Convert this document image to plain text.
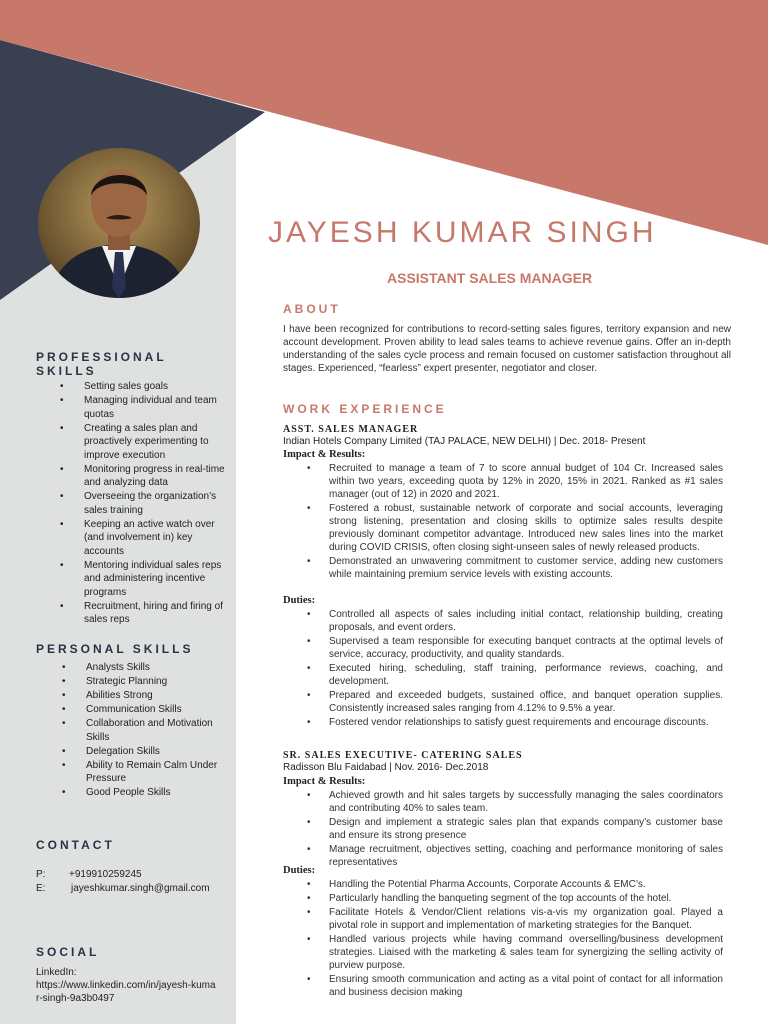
JAYESH KUMAR SINGH
ASSISTANT SALES MANAGER
ABOUT
I have been recognized for contributions to record-setting sales figures, territory expansion and new account development. Proven ability to lead sales teams to achieve revenue gains. Offer an in-depth understanding of the sales cycle process and remain focused on customer satisfaction throughout all stages. Experienced, “fearless” expert presenter, negotiator and closer.
WORK EXPERIENCE
ASST. SALES MANAGER
Indian Hotels Company Limited (TAJ PALACE, NEW DELHI) | Dec. 2018- Present
Impact & Results:
• Recruited to manage a team of 7 to score annual budget of 104 Cr. Increased sales within two years, exceeding quota by 12% in 2020, 15% in 2021. Ranked as #1 sales manager (out of 12) in 2020 and 2021.
• Fostered a robust, sustainable network of corporate and social accounts, leveraging strong listening, presentation and closing skills to optimize sales results despite previously dominant competitor advantage. Introduced new sales lines into the market during COVID CRISIS, often closing sight-unseen sales of newly released products.
• Demonstrated an unwavering commitment to customer service, adding new customers while maintaining premium service levels with existing accounts.
Duties:
• Controlled all aspects of sales including initial contact, relationship building, creating proposals, and event orders.
• Supervised a team responsible for executing banquet contracts at the optimal levels of service, accuracy, productivity, and quality standards.
• Executed hiring, scheduling, staff training, performance reviews, coaching, and development.
• Prepared and exceeded budgets, sustained office, and banquet operation supplies. Consistently increased sales ranging from 4.12% to 9.5% a year.
• Fostered vendor relationships to satisfy guest requirements and encourage discounts.
SR. SALES EXECUTIVE- CATERING SALES
Radisson Blu Faidabad | Nov. 2016- Dec.2018
Impact & Results:
• Achieved growth and hit sales targets by successfully managing the sales coordinators and contributing 40% to sales team.
• Design and implement a strategic sales plan that expands company’s customer base and ensure its strong presence
• Manage recruitment, objectives setting, coaching and performance monitoring of sales representatives
Duties:
• Handling the Potential Pharma Accounts, Corporate Accounts & EMC’s.
• Particularly handling the banqueting segment of the top accounts of the hotel.
• Facilitate Hotels & Vendor/Client relations vis-a-vis my organization goal. Played a pivotal role in support and implementation of marketing strategies for the Banquet.
• Handled various projects while having command overselling/business development strategies. Liaised with the marketing & sales team for synergizing the selling activity of purview purpose.
• Ensuring smooth communication and acting as a vital point of contact for all information and business decision making
PROFESSIONAL SKILLS
• Setting sales goals
• Managing individual and team quotas
• Creating a sales plan and proactively experimenting to improve execution
• Monitoring progress in real-time and analyzing data
• Overseeing the organization’s sales training
• Keeping an active watch over (and involvement in) key accounts
• Mentoring individual sales reps and administering incentive programs
• Recruitment, hiring and firing of sales reps
PERSONAL SKILLS
• Analysts Skills
• Strategic Planning
• Abilities Strong
• Communication Skills
• Collaboration and Motivation Skills
• Delegation Skills
• Ability to Remain Calm Under Pressure
• Good People Skills
CONTACT
P: +919910259245
E:	jayeshkumar.singh@gmail.com
SOCIAL
LinkedIn:
https://www.linkedin.com/in/jayesh-kumar-singh-9a3b0497
